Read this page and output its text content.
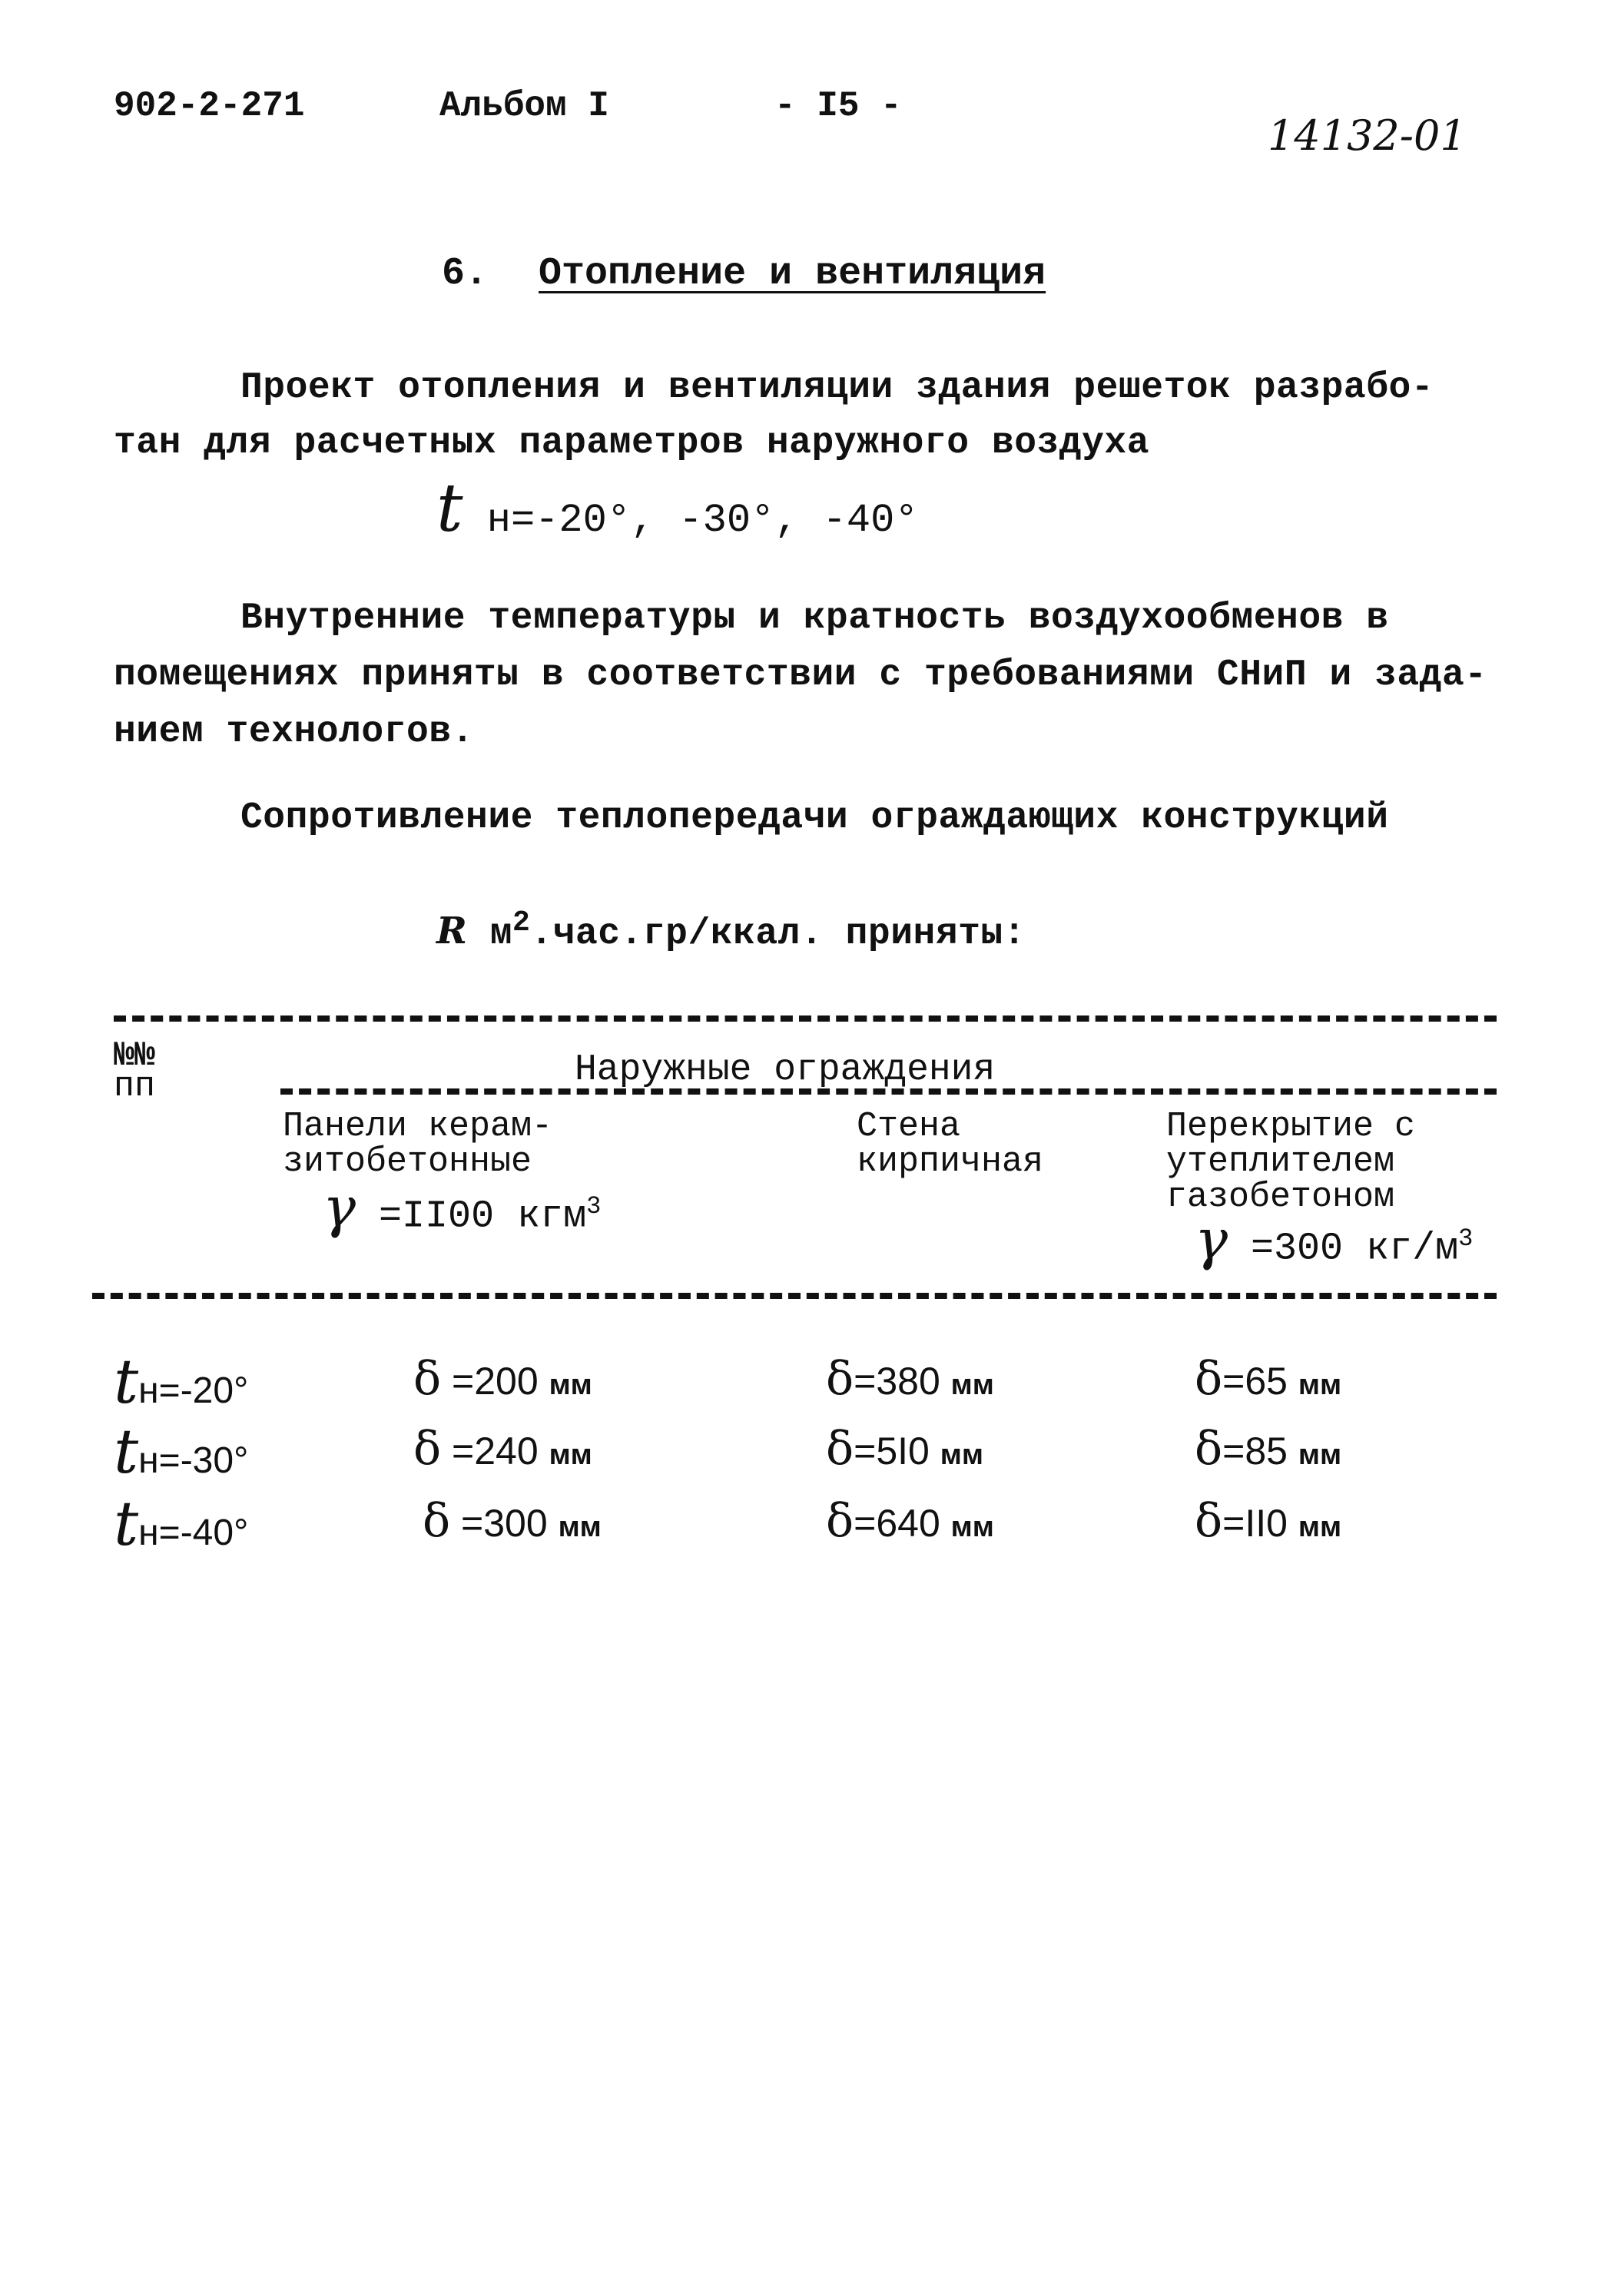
902-2-271	Альбом I	- I5 -
14132-01
6. Отопление и вентиляция
Проект отопления и вентиляции здания решеток разрабо-
тан для расчетных параметров наружного воздуха
t н=-20°, -30°, -40°
Внутренние температуры и кратность воздухообменов в
помещениях приняты в соответствии с требованиями СНиП и зада-
нием технологов.
Сопротивление теплопередачи ограждающих конструкций
R $м^2.час.гр$/ккал. приняты:
№№
пп	Наружные ограждения
Панели керам-
зитобетонные
γ =II00 кгм$^3$
Стена
кирпичная
Перекрытие с
утеплителем
газобетоном
γ =300 $кг/м^3$
tн=-20°	δ =200 мм	δ=380 мм	δ=65 мм
tн=-30°	δ =240 мм	δ=5I0 мм	δ=85 мм
tн=-40°	δ =300 мм	δ=640 мм	δ=II0 мм
